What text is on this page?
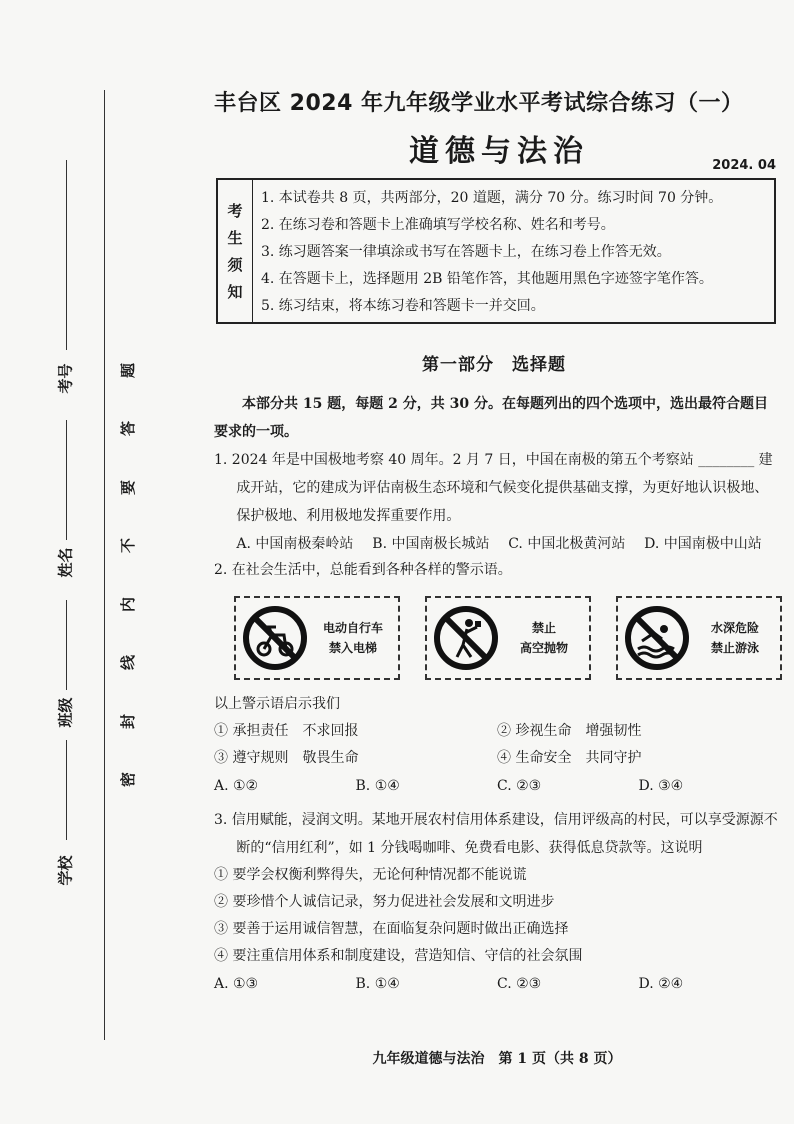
考号
姓名
班级
学校
题
答
要
不
内
线
封
密
丰台区 2024 年九年级学业水平考试综合练习（一）
道德与法治	2024. 04
考
生
须
知
1. 本试卷共 8 页，共两部分，20 道题，满分 70 分。练习时间 70 分钟。
2. 在练习卷和答题卡上准确填写学校名称、姓名和考号。
3. 练习题答案一律填涂或书写在答题卡上，在练习卷上作答无效。
4. 在答题卡上，选择题用 2B 铅笔作答，其他题用黑色字迹签字笔作答。
5. 练习结束，将本练习卷和答题卡一并交回。
第一部分　选择题
本部分共 15 题，每题 2 分，共 30 分。在每题列出的四个选项中，选出最符合题目要求的一项。
1. 2024 年是中国极地考察 40 周年。2 月 7 日，中国在南极的第五个考察站 ________ 建成开站，它的建成为评估南极生态环境和气候变化提供基础支撑，为更好地认识极地、保护极地、利用极地发挥重要作用。
A. 中国南极秦岭站	B. 中国南极长城站	C. 中国北极黄河站	D. 中国南极中山站
2. 在社会生活中，总能看到各种各样的警示语。
电动自行车
禁入电梯
禁止
高空抛物
水深危险
禁止游泳
以上警示语启示我们
① 承担责任　不求回报	② 珍视生命　增强韧性
③ 遵守规则　敬畏生命	④ 生命安全　共同守护
A. ①②	B. ①④	C. ②③	D. ③④
3. 信用赋能，浸润文明。某地开展农村信用体系建设，信用评级高的村民，可以享受源源不断的“信用红利”，如 1 分钱喝咖啡、免费看电影、获得低息贷款等。这说明
① 要学会权衡利弊得失，无论何种情况都不能说谎
② 要珍惜个人诚信记录，努力促进社会发展和文明进步
③ 要善于运用诚信智慧，在面临复杂问题时做出正确选择
④ 要注重信用体系和制度建设，营造知信、守信的社会氛围
A. ①③	B. ①④	C. ②③	D. ②④
九年级道德与法治　第 1 页（共 8 页）
